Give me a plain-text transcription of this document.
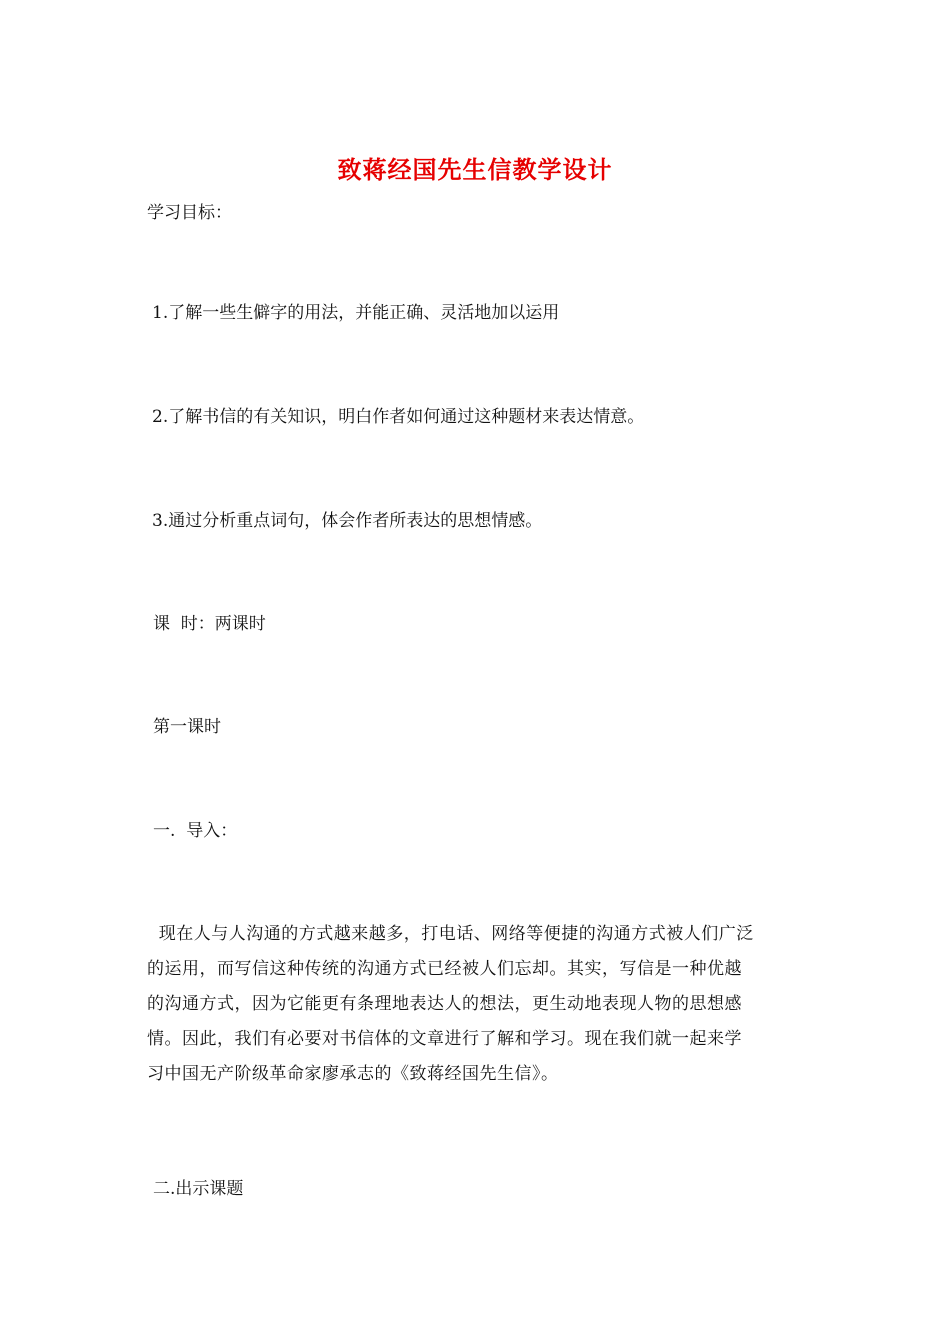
致蒋经国先生信教学设计
学习目标：
1.了解一些生僻字的用法，并能正确、灵活地加以运用
2.了解书信的有关知识，明白作者如何通过这种题材来表达情意。
3.通过分析重点词句，体会作者所表达的思想情感。
课  时：两课时
第一课时
一.  导入：
现在人与人沟通的方式越来越多，打电话、网络等便捷的沟通方式被人们广泛
的运用，而写信这种传统的沟通方式已经被人们忘却。其实，写信是一种优越
的沟通方式，因为它能更有条理地表达人的想法，更生动地表现人物的思想感
情。因此，我们有必要对书信体的文章进行了解和学习。现在我们就一起来学
习中国无产阶级革命家廖承志的《致蒋经国先生信》。
二.出示课题
